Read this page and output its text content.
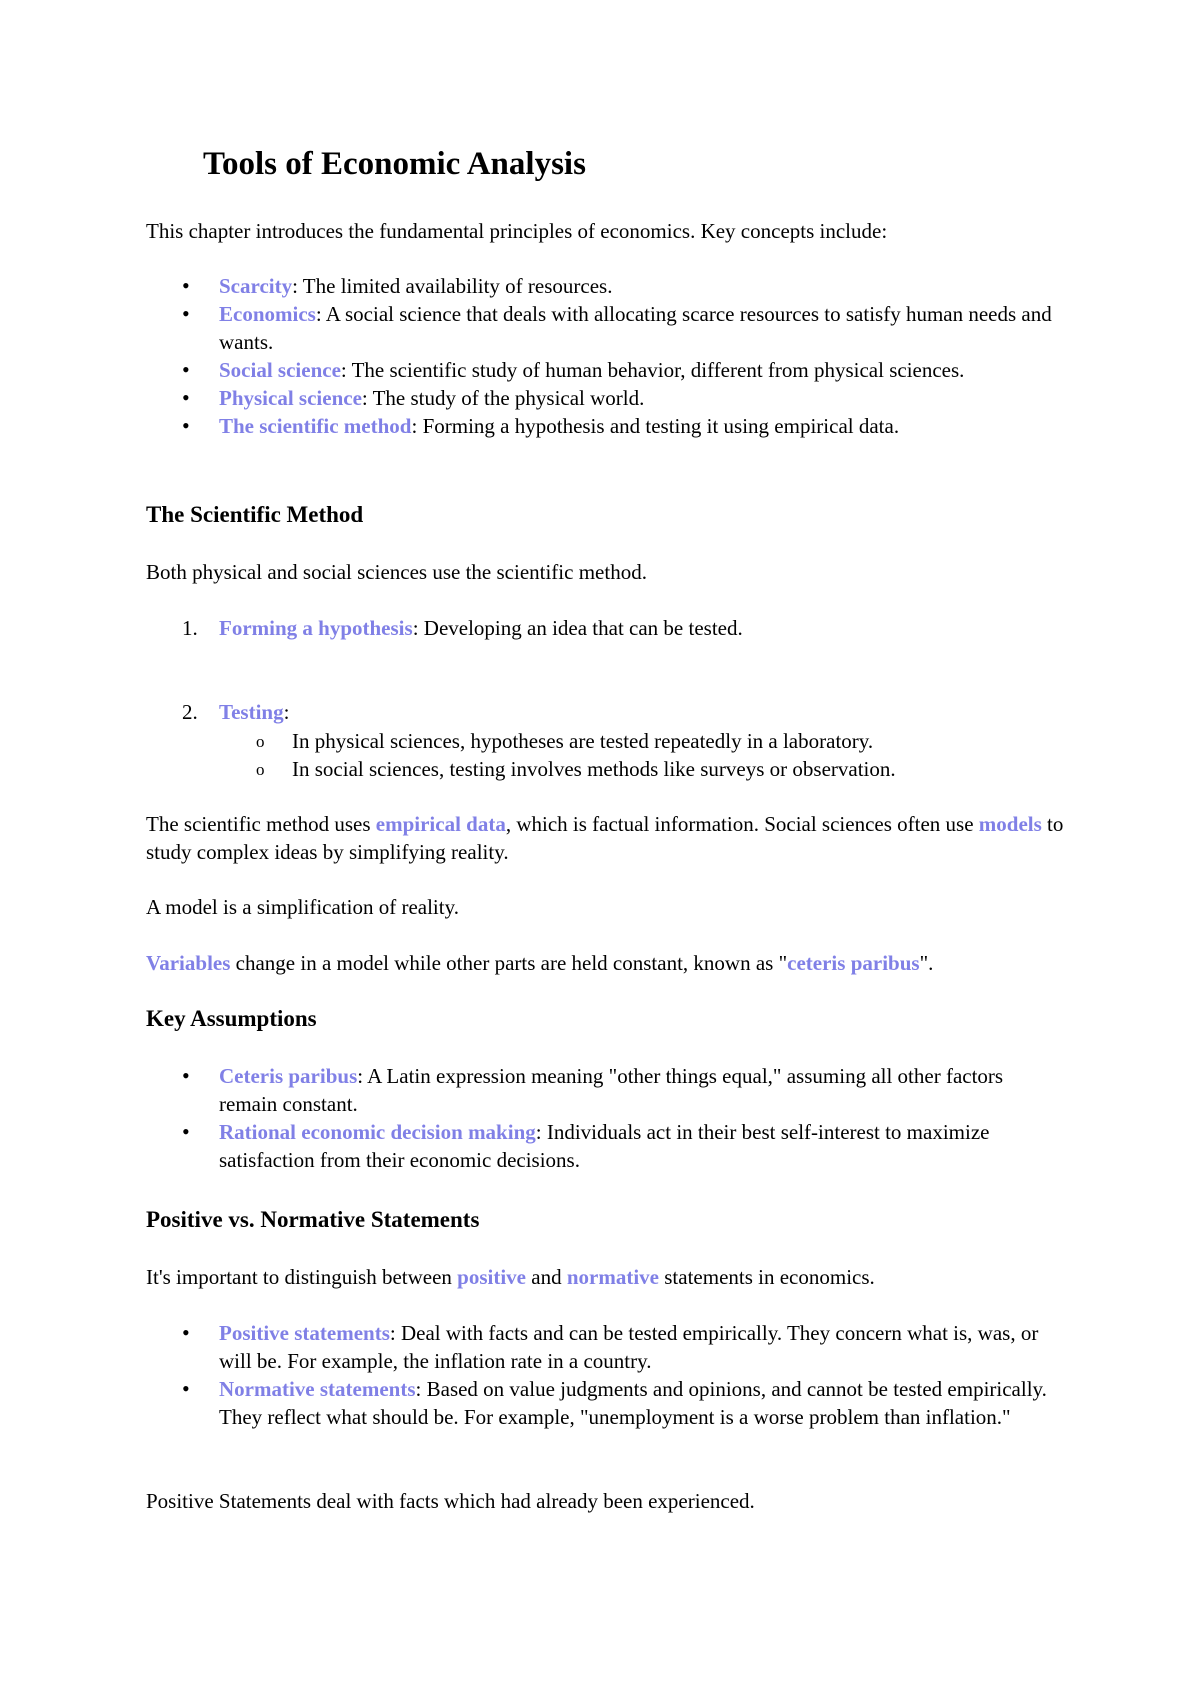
Tools of Economic Analysis

This chapter introduces the fundamental principles of economics. Key concepts include:

• Scarcity: The limited availability of resources.
• Economics: A social science that deals with allocating scarce resources to satisfy human needs and wants.
• Social science: The scientific study of human behavior, different from physical sciences.
• Physical science: The study of the physical world.
• The scientific method: Forming a hypothesis and testing it using empirical data.
The Scientific Method

Both physical and social sciences use the scientific method.

1. Forming a hypothesis: Developing an idea that can be tested.
2. Testing:
o In physical sciences, hypotheses are tested repeatedly in a laboratory.
o In social sciences, testing involves methods like surveys or observation.

The scientific method uses empirical data, which is factual information. Social sciences often use models to study complex ideas by simplifying reality.

A model is a simplification of reality.

Variables change in a model while other parts are held constant, known as "ceteris paribus".

Key Assumptions
• Ceteris paribus: A Latin expression meaning "other things equal," assuming all other factors remain constant.
• Rational economic decision making: Individuals act in their best self-interest to maximize satisfaction from their economic decisions.
Positive vs. Normative Statements

It's important to distinguish between positive and normative statements in economics.

• Positive statements: Deal with facts and can be tested empirically. They concern what is, was, or will be. For example, the inflation rate in a country.
• Normative statements: Based on value judgments and opinions, and cannot be tested empirically. They reflect what should be. For example, "unemployment is a worse problem than inflation."

Positive Statements deal with facts which had already been experienced.
